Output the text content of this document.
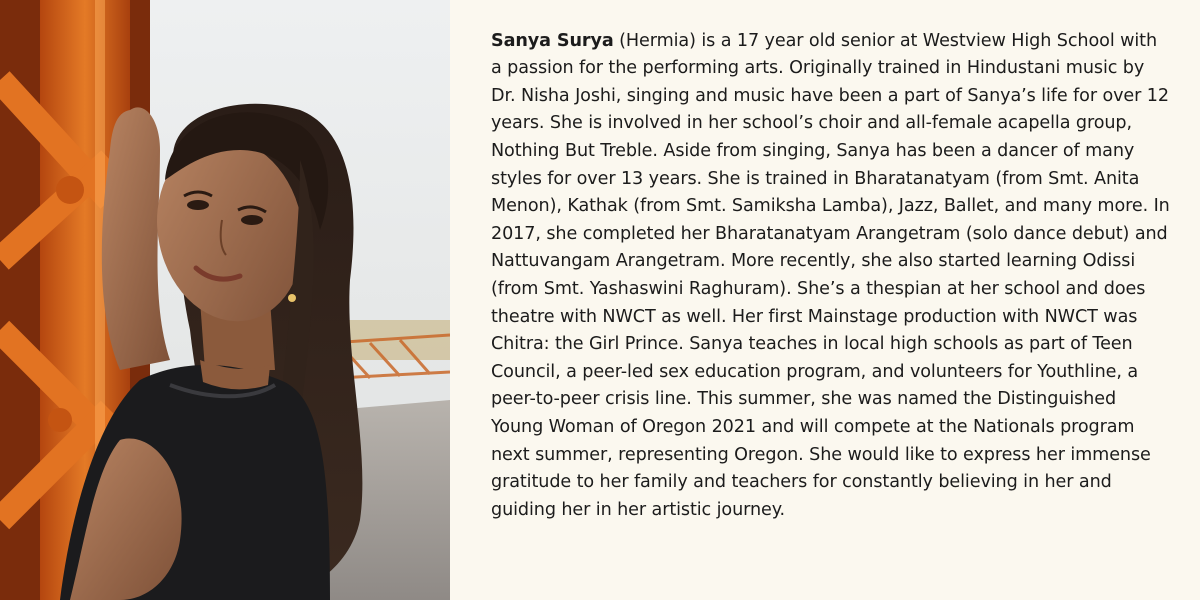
Sanya Surya (Hermia) is a 17 year old senior at Westview High School with a passion for the performing arts. Originally trained in Hindustani music by Dr. Nisha Joshi, singing and music have been a part of Sanya’s life for over 12 years. She is involved in her school’s choir and all-female acapella group, Nothing But Treble. Aside from singing, Sanya has been a dancer of many styles for over 13 years. She is trained in Bharatanatyam (from Smt. Anita Menon), Kathak (from Smt. Samiksha Lamba), Jazz, Ballet, and many more. In 2017, she completed her Bharatanatyam Arangetram (solo dance debut) and Nattuvangam Arangetram. More recently, she also started learning Odissi (from Smt. Yashaswini Raghuram). She’s a thespian at her school and does theatre with NWCT as well. Her first Mainstage production with NWCT was Chitra: the Girl Prince. Sanya teaches in local high schools as part of Teen Council, a peer-led sex education program, and volunteers for Youthline, a peer-to-peer crisis line. This summer, she was named the Distinguished Young Woman of Oregon 2021 and will compete at the Nationals program next summer, representing Oregon. She would like to express her immense gratitude to her family and teachers for constantly believing in her and guiding her in her artistic journey.
